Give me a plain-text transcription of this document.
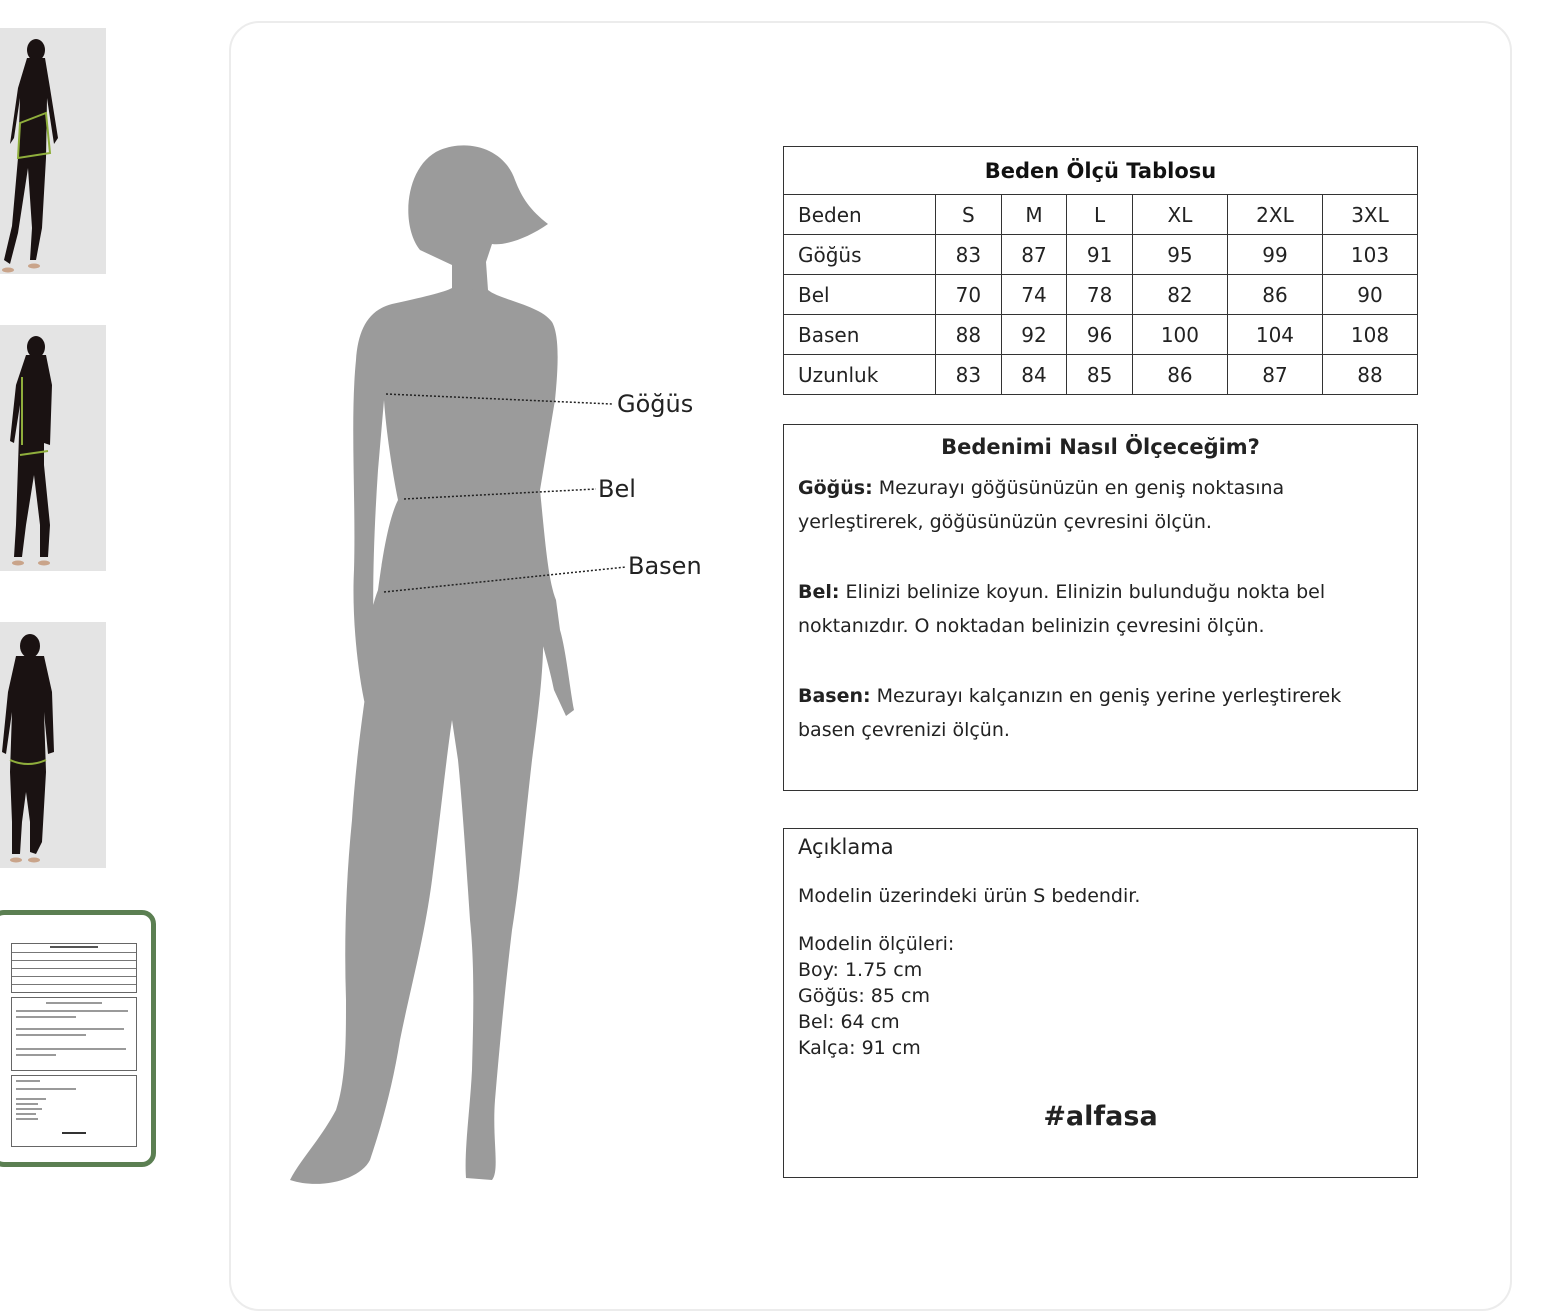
Göğüs
Bel
Basen
Beden Ölçü Tablosu						
Beden	S	M	L	XL	2XL	3XL
Göğüs	83	87	91	95	99	103
Bel	70	74	78	82	86	90
Basen	88	92	96	100	104	108
Uzunluk	83	84	85	86	87	88
Bedenimi Nasıl Ölçeceğim?

Göğüs: Mezurayı göğüsünüzün en geniş noktasına yerleştirerek, göğüsünüzün çevresini ölçün.

Bel: Elinizi belinize koyun. Elinizin bulunduğu nokta bel noktanızdır. O noktadan belinizin çevresini ölçün.

Basen: Mezurayı kalçanızın en geniş yerine yerleştirerek basen çevrenizi ölçün.

Açıklama
Modelin üzerindeki ürün S bedendir.
Modelin ölçüleri:
Boy: 1.75 cm
Göğüs: 85 cm
Bel: 64 cm
Kalça: 91 cm
#alfasa
